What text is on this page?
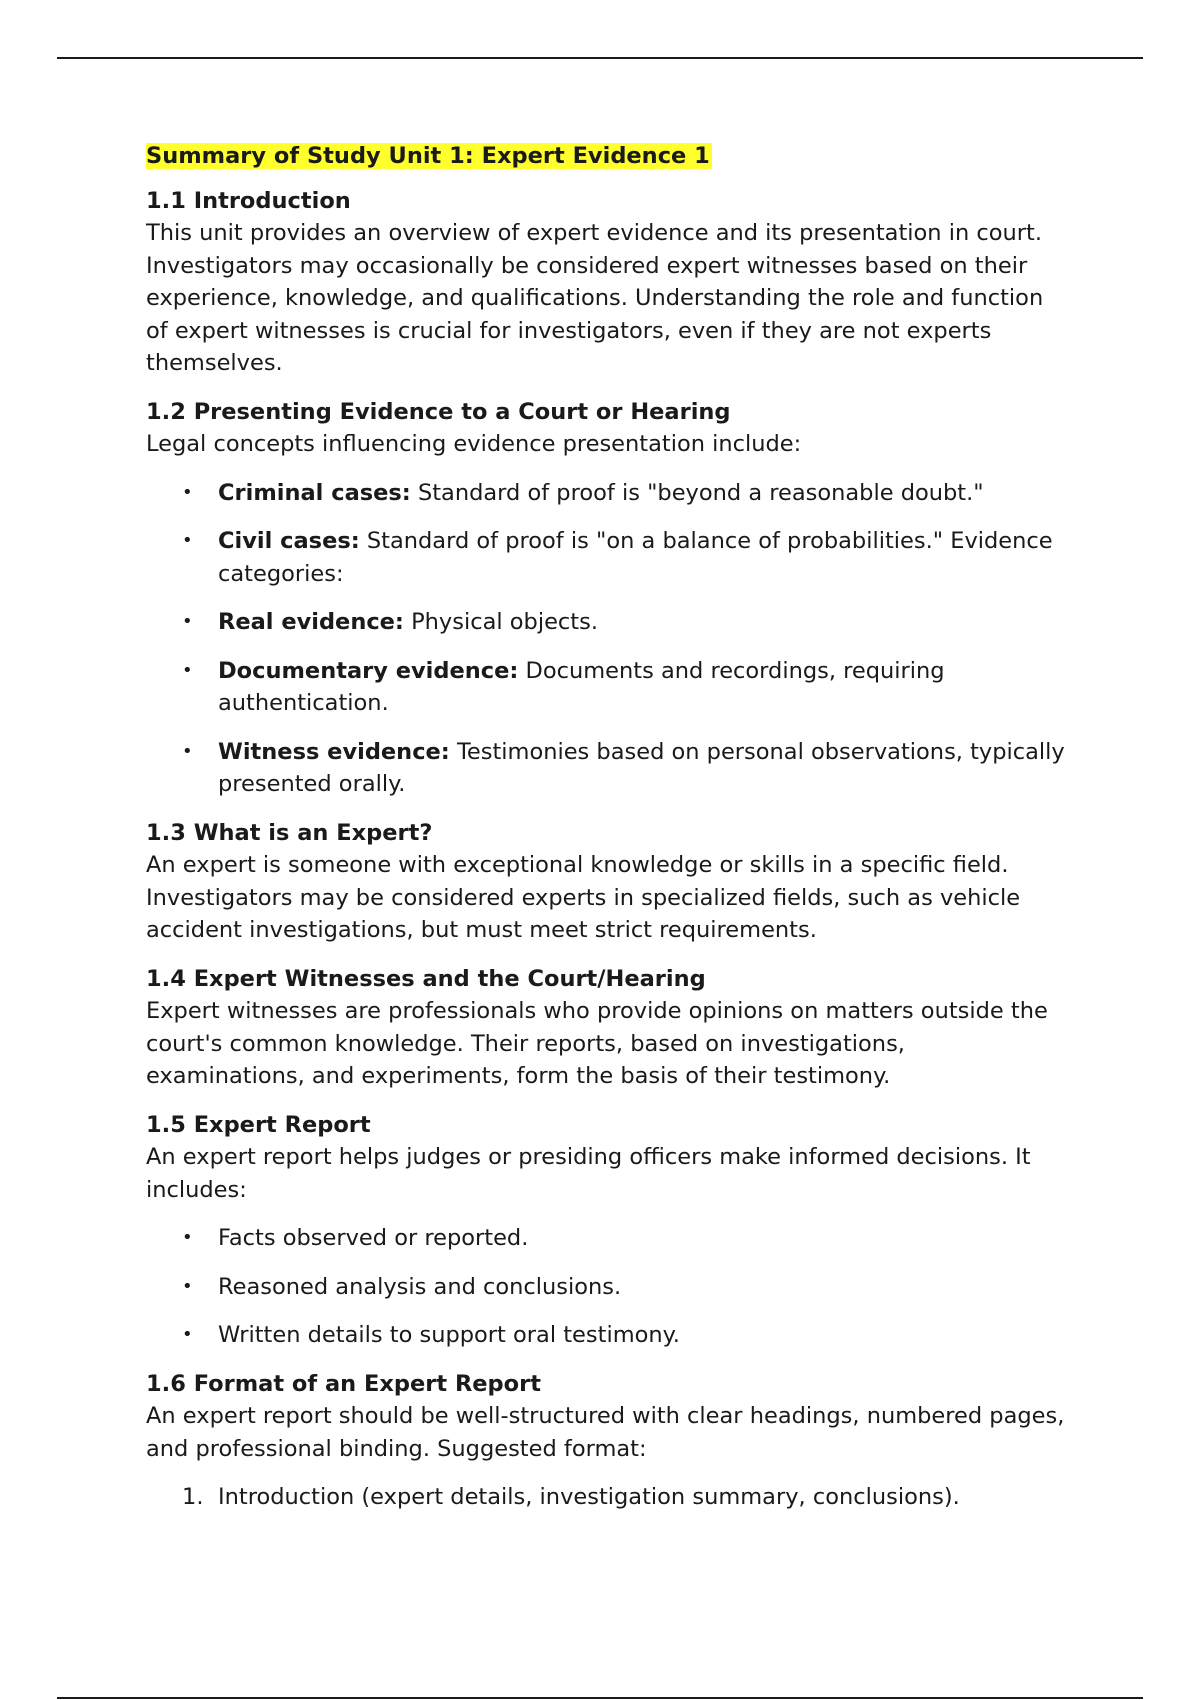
Summary of Study Unit 1: Expert Evidence 1
1.1 Introduction

This unit provides an overview of expert evidence and its presentation in court. Investigators may occasionally be considered expert witnesses based on their experience, knowledge, and qualifications. Understanding the role and function of expert witnesses is crucial for investigators, even if they are not experts themselves.

1.2 Presenting Evidence to a Court or Hearing

Legal concepts influencing evidence presentation include:

• Criminal cases: Standard of proof is "beyond a reasonable doubt."
• Civil cases: Standard of proof is "on a balance of probabilities." Evidence categories:
• Real evidence: Physical objects.
• Documentary evidence: Documents and recordings, requiring authentication.
• Witness evidence: Testimonies based on personal observations, typically presented orally.
1.3 What is an Expert?

An expert is someone with exceptional knowledge or skills in a specific field. Investigators may be considered experts in specialized fields, such as vehicle accident investigations, but must meet strict requirements.

1.4 Expert Witnesses and the Court/Hearing

Expert witnesses are professionals who provide opinions on matters outside the court's common knowledge. Their reports, based on investigations, examinations, and experiments, form the basis of their testimony.

1.5 Expert Report

An expert report helps judges or presiding officers make informed decisions. It includes:

• Facts observed or reported.
• Reasoned analysis and conclusions.
• Written details to support oral testimony.
1.6 Format of an Expert Report

An expert report should be well-structured with clear headings, numbered pages, and professional binding. Suggested format:

1. Introduction (expert details, investigation summary, conclusions).
